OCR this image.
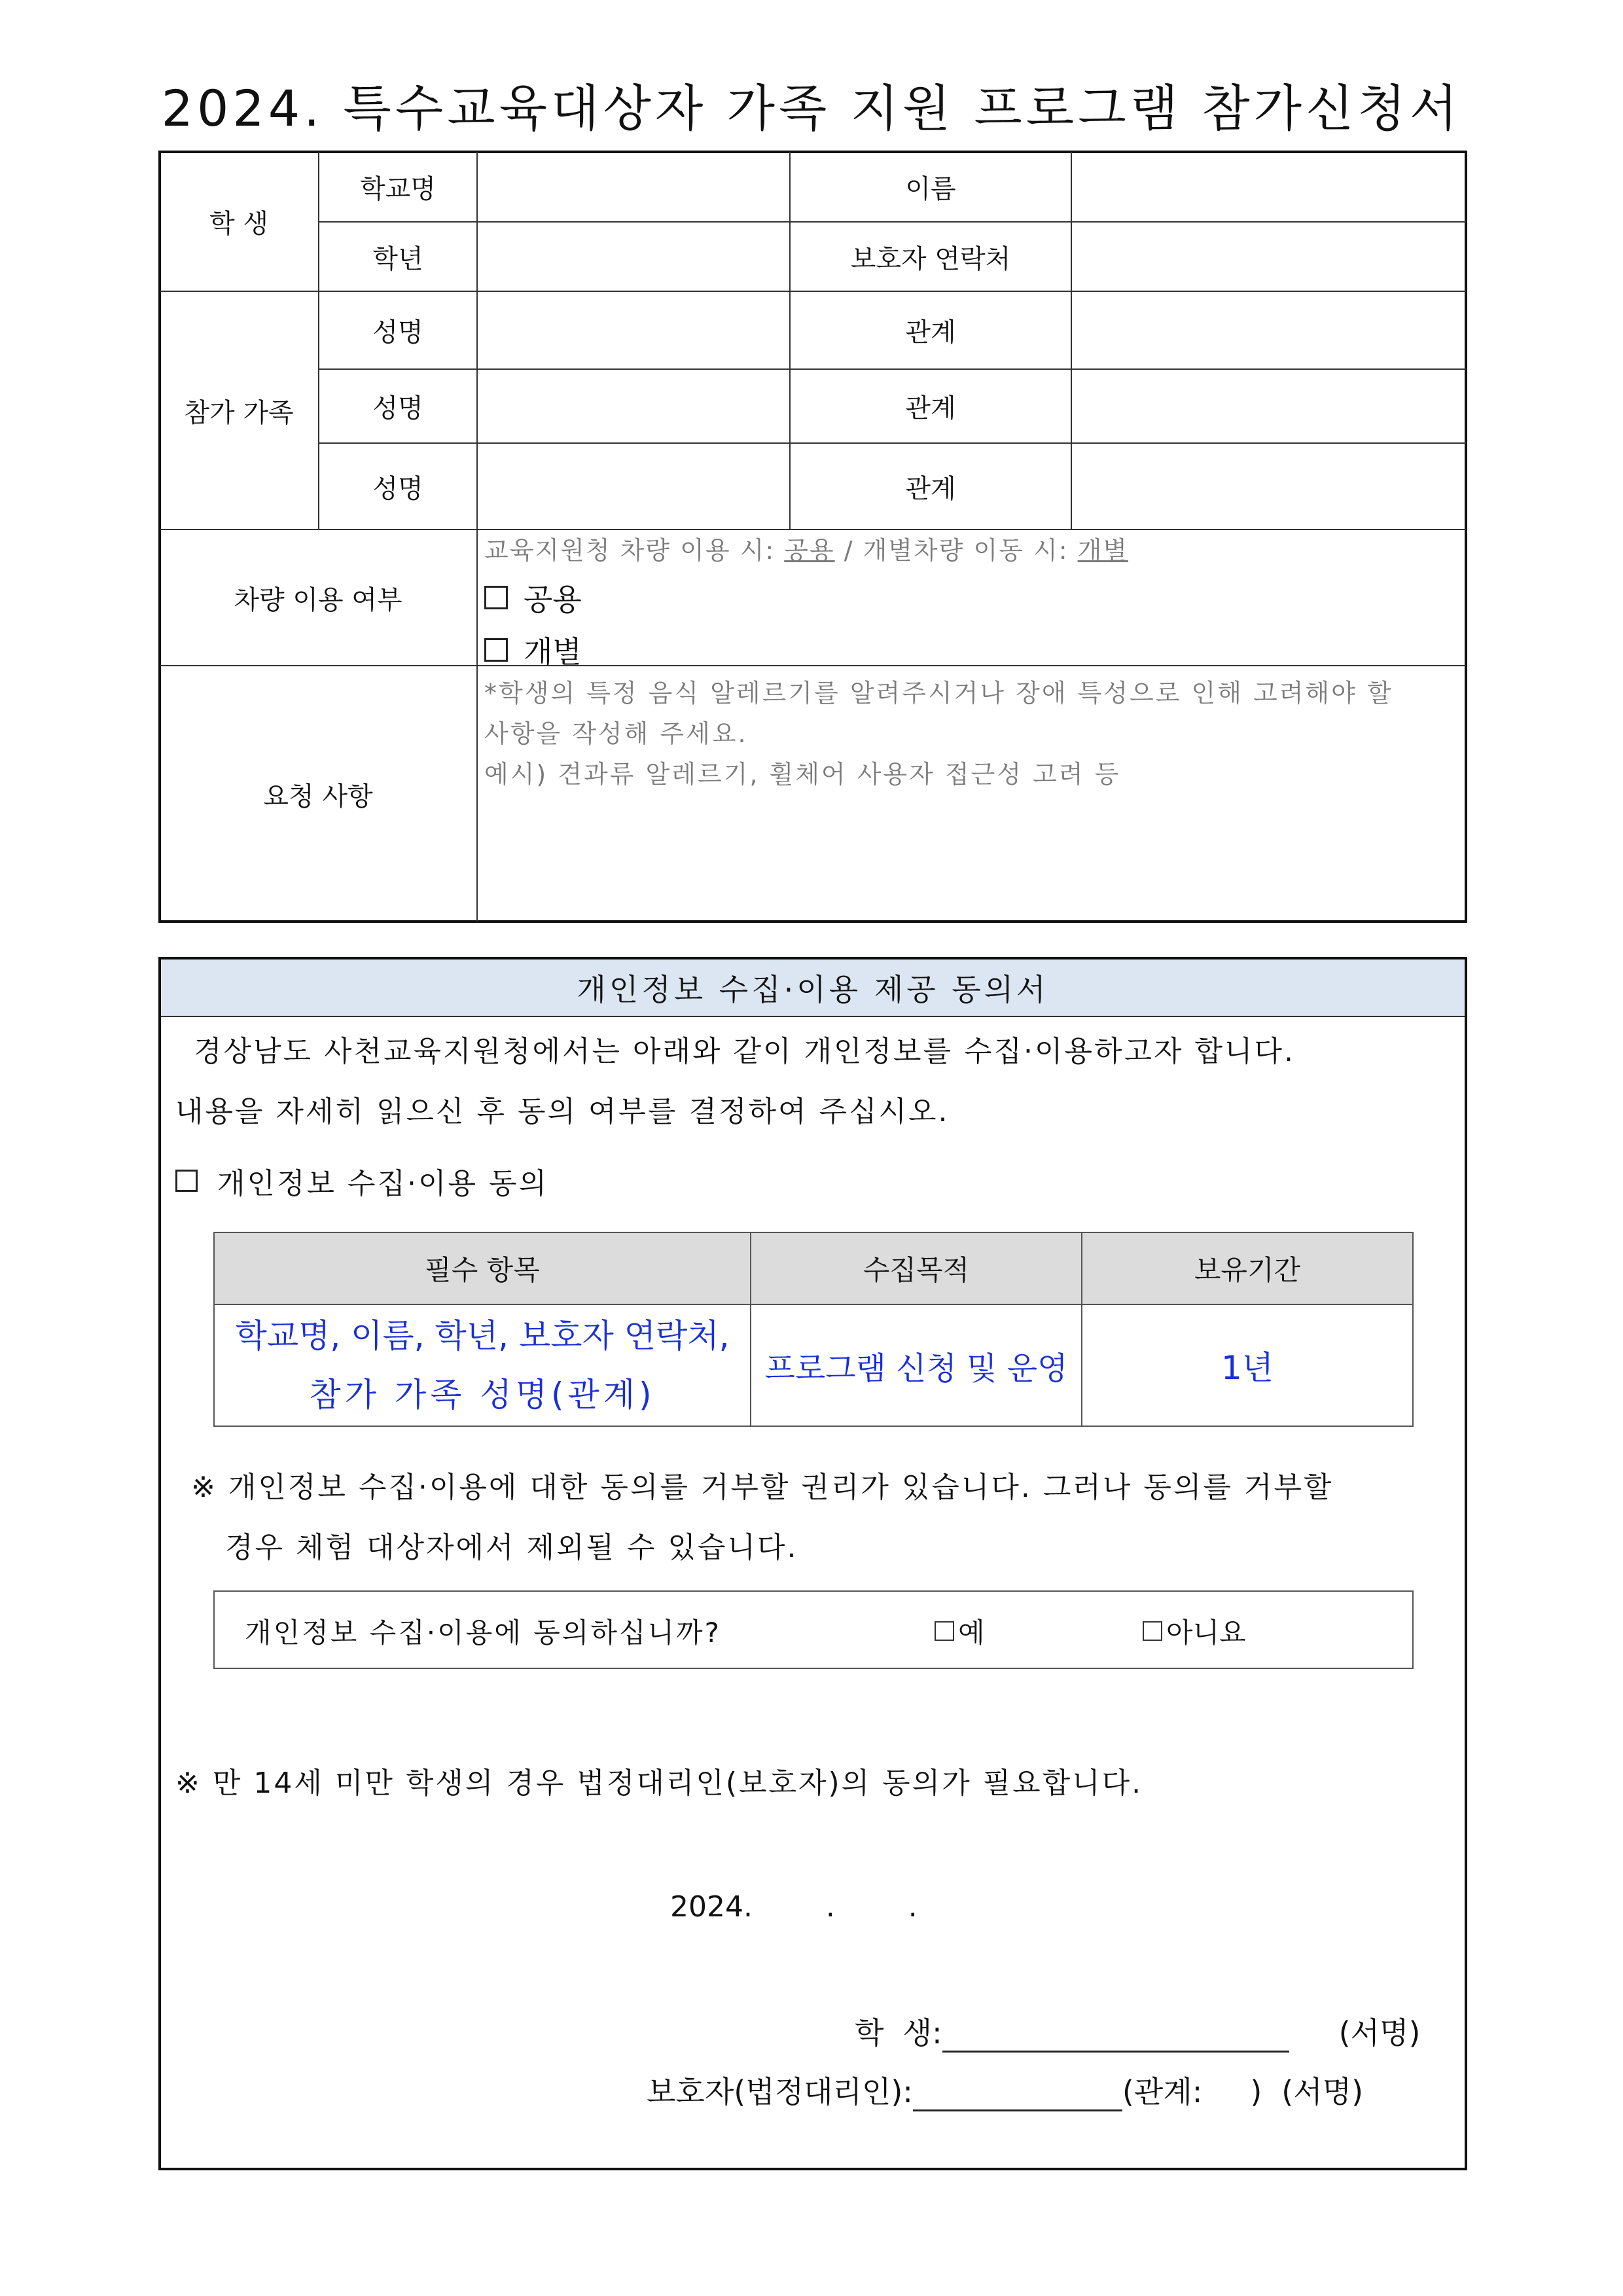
2024. 특수교육대상자 가족 지원 프로그램 참가신청서
학 생
학교명	이름
학년	보호자 연락처
참가 가족
성명	관계
성명	관계
성명	관계
차량 이용 여부
교육지원청 차량 이용 시: 공용 / 개별차량 이동 시: 개별
공용
개별
요청 사항
*학생의 특정 음식 알레르기를 알려주시거나 장애 특성으로 인해 고려해야 할
사항을 작성해 주세요.
예시) 견과류 알레르기, 휠체어 사용자 접근성 고려 등
개인정보 수집·이용 제공 동의서
경상남도 사천교육지원청에서는 아래와 같이 개인정보를 수집·이용하고자 합니다.
내용을 자세히 읽으신 후 동의 여부를 결정하여 주십시오.
개인정보 수집·이용 동의
필수 항목	수집목적	보유기간
학교명, 이름, 학년, 보호자 연락처,
참가 가족 성명(관계)
프로그램 신청 및 운영	1년
※ 개인정보 수집·이용에 대한 동의를 거부할 권리가 있습니다. 그러나 동의를 거부할
경우 체험 대상자에서 제외될 수 있습니다.
개인정보 수집·이용에 동의하십니까?	예	아니요
※ 만 14세 미만 학생의 경우 법정대리인(보호자)의 동의가 필요합니다.
2024.        .        .
학  생:	(서명)
보호자(법정대리인):	(관계:     ) (서명)
